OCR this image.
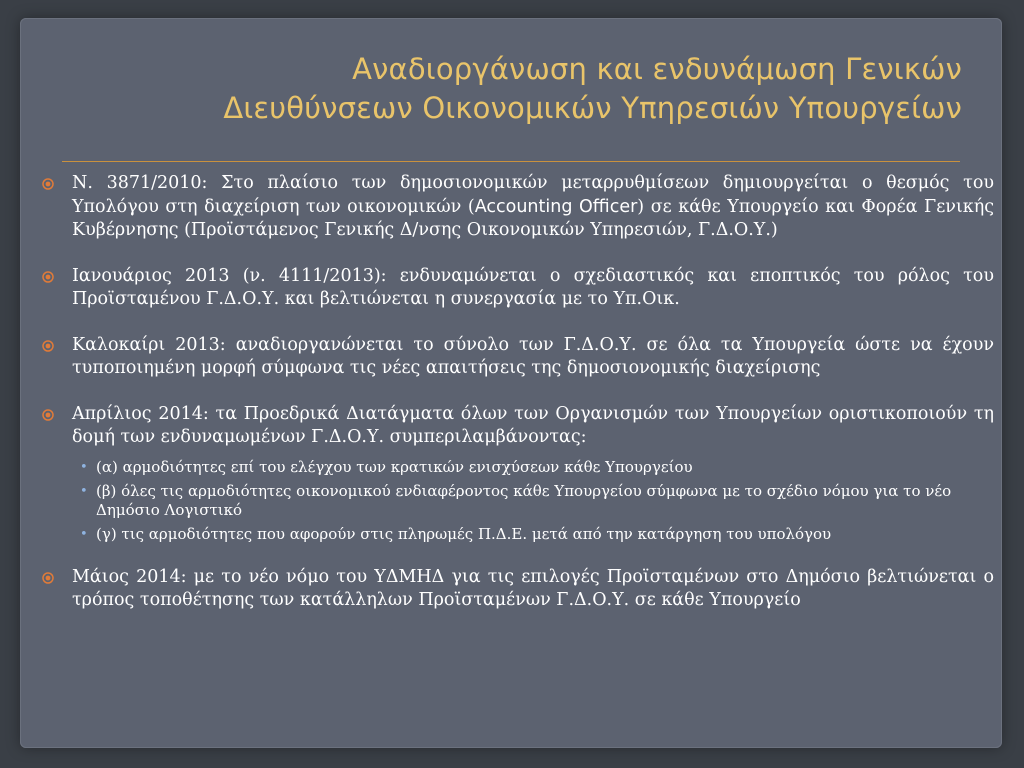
Αναδιοργάνωση και ενδυνάμωση Γενικών
Διευθύνσεων Οικονομικών Υπηρεσιών Υπουργείων
Ν. 3871/2010: Στο πλαίσιο των δημοσιονομικών μεταρρυθμίσεων δημιουργείται ο θεσμός του Υπολόγου στη διαχείριση των οικονομικών (Accounting Officer) σε κάθε Υπουργείο και Φορέα Γενικής Κυβέρνησης (Προϊστάμενος Γενικής Δ/νσης Οικονομικών Υπηρεσιών, Γ.Δ.Ο.Υ.)
Ιανουάριος 2013 (ν. 4111/2013): ενδυναμώνεται ο σχεδιαστικός και εποπτικός του ρόλος του Προϊσταμένου Γ.Δ.Ο.Υ. και βελτιώνεται η συνεργασία με το Υπ.Οικ.
Καλοκαίρι 2013: αναδιοργανώνεται το σύνολο των Γ.Δ.Ο.Υ. σε όλα τα Υπουργεία ώστε να έχουν τυποποιημένη μορφή σύμφωνα τις νέες απαιτήσεις της δημοσιονομικής διαχείρισης
Απρίλιος 2014: τα Προεδρικά Διατάγματα όλων των Οργανισμών των Υπουργείων οριστικοποιούν τη δομή των ενδυναμωμένων Γ.Δ.Ο.Υ. συμπεριλαμβάνοντας:
• (α) αρμοδιότητες επί του ελέγχου των κρατικών ενισχύσεων κάθε Υπουργείου
• (β) όλες τις αρμοδιότητες οικονομικού ενδιαφέροντος κάθε Υπουργείου σύμφωνα με το σχέδιο νόμου για το νέο Δημόσιο Λογιστικό
• (γ) τις αρμοδιότητες που αφορούν στις πληρωμές Π.Δ.Ε. μετά από την κατάργηση του υπολόγου
Μάιος 2014: με το νέο νόμο του ΥΔΜΗΔ για τις επιλογές Προϊσταμένων στο Δημόσιο βελτιώνεται ο τρόπος τοποθέτησης των κατάλληλων Προϊσταμένων Γ.Δ.Ο.Υ. σε κάθε Υπουργείο
